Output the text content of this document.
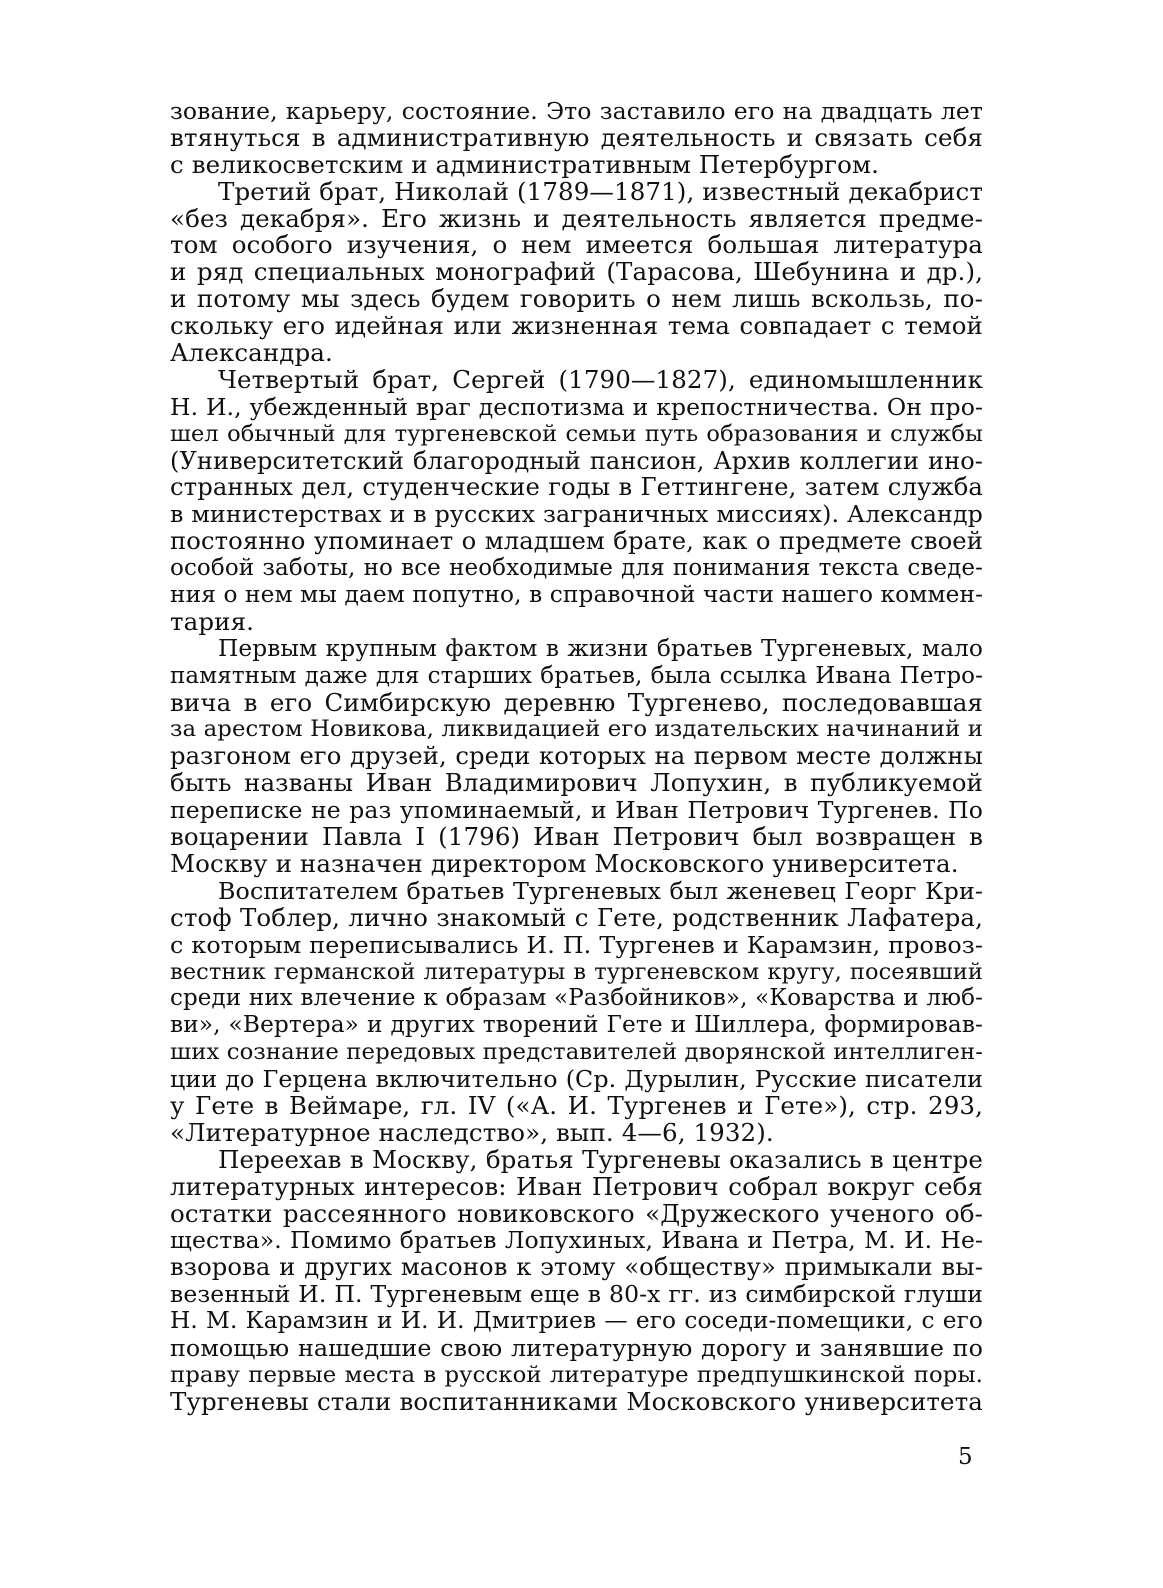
зование, карьеру, состояние. Это заставило его на двадцать лет
втянуться в административную деятельность и связать себя
с великосветским и административным Петербургом.
Третий брат, Николай (1789—1871), известный декабрист
«без декабря». Его жизнь и деятельность является предме-
том особого изучения, о нем имеется большая литература
и ряд специальных монографий (Тарасова, Шебунина и др.),
и потому мы здесь будем говорить о нем лишь вскользь, по-
скольку его идейная или жизненная тема совпадает с темой
Александра.
Четвертый брат, Сергей (1790—1827), единомышленник
Н. И., убежденный враг деспотизма и крепостничества. Он про-
шел обычный для тургеневской семьи путь образования и службы
(Университетский благородный пансион, Архив коллегии ино-
странных дел, студенческие годы в Геттингене, затем служба
в министерствах и в русских заграничных миссиях). Александр
постоянно упоминает о младшем брате, как о предмете своей
особой заботы, но все необходимые для понимания текста сведе-
ния о нем мы даем попутно, в справочной части нашего коммен-
тария.
Первым крупным фактом в жизни братьев Тургеневых, мало
памятным даже для старших братьев, была ссылка Ивана Петро-
вича в его Симбирскую деревню Тургенево, последовавшая
за арестом Новикова, ликвидацией его издательских начинаний и
разгоном его друзей, среди которых на первом месте должны
быть названы Иван Владимирович Лопухин, в публикуемой
переписке не раз упоминаемый, и Иван Петрович Тургенев. По
воцарении Павла I (1796) Иван Петрович был возвращен в
Москву и назначен директором Московского университета.
Воспитателем братьев Тургеневых был женевец Георг Кри-
стоф Тоблер, лично знакомый с Гете, родственник Лафатера,
с которым переписывались И. П. Тургенев и Карамзин, провоз-
вестник германской литературы в тургеневском кругу, посеявший
среди них влечение к образам «Разбойников», «Коварства и люб-
ви», «Вертера» и других творений Гете и Шиллера, формировав-
ших сознание передовых представителей дворянской интеллиген-
ции до Герцена включительно (Ср. Дурылин, Русские писатели
у Гете в Веймаре, гл. IV («А. И. Тургенев и Гете»), стр. 293,
«Литературное наследство», вып. 4—6, 1932).
Переехав в Москву, братья Тургеневы оказались в центре
литературных интересов: Иван Петрович собрал вокруг себя
остатки рассеянного новиковского «Дружеского ученого об-
щества». Помимо братьев Лопухиных, Ивана и Петра, М. И. Не-
взорова и других масонов к этому «обществу» примыкали вы-
везенный И. П. Тургеневым еще в 80-х гг. из симбирской глуши
Н. М. Карамзин и И. И. Дмитриев — его соседи-помещики, с его
помощью нашедшие свою литературную дорогу и занявшие по
праву первые места в русской литературе предпушкинской поры.
Тургеневы стали воспитанниками Московского университета
5
